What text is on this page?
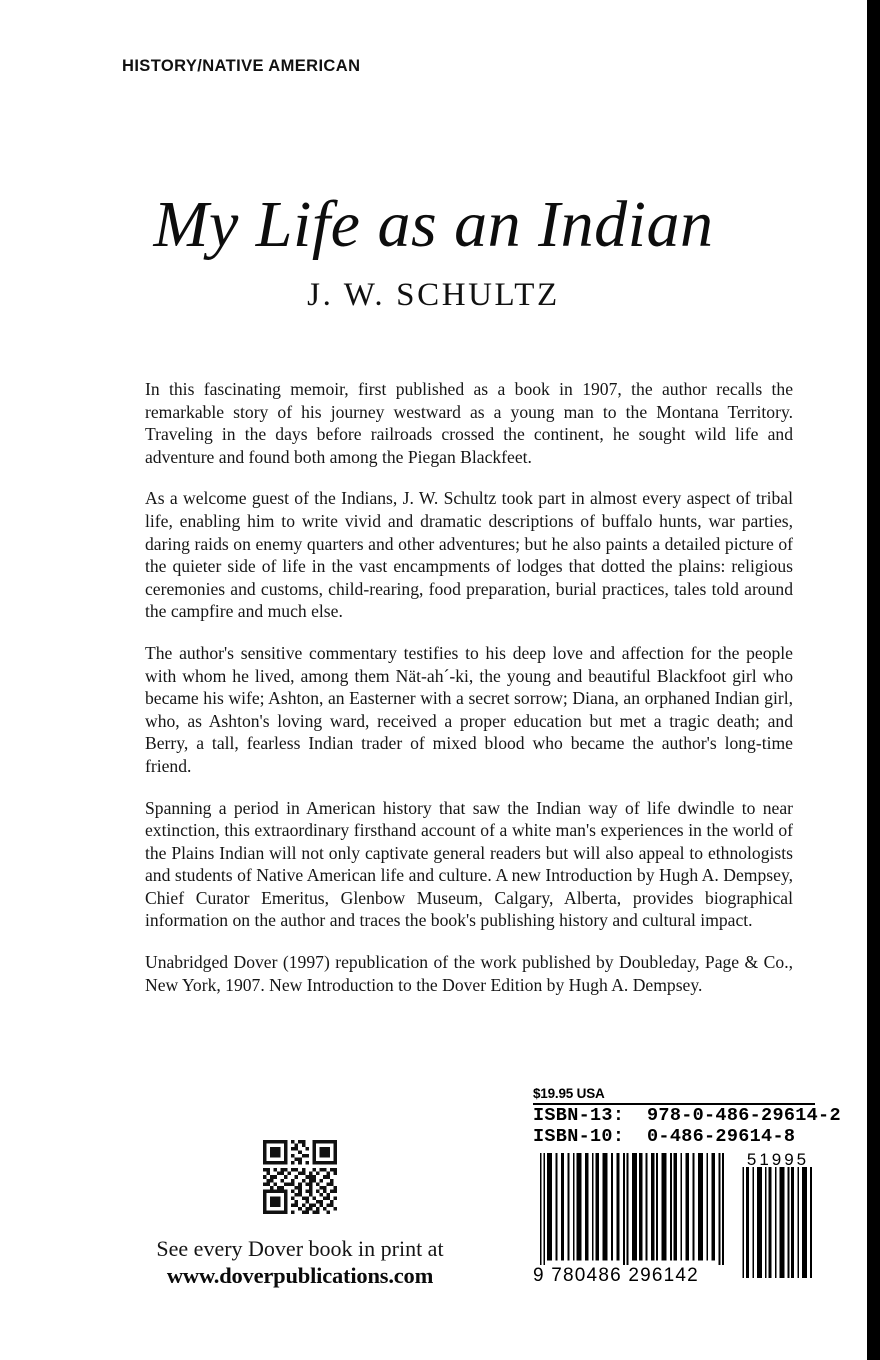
HISTORY/NATIVE AMERICAN
My Life as an Indian
J. W. SCHULTZ

In this fascinating memoir, first published as a book in 1907, the author recalls the remarkable story of his journey westward as a young man to the Montana Territory. Traveling in the days before railroads crossed the continent, he sought wild life and adventure and found both among the Piegan Blackfeet.

As a welcome guest of the Indians, J. W. Schultz took part in almost every aspect of tribal life, enabling him to write vivid and dramatic descriptions of buffalo hunts, war parties, daring raids on enemy quarters and other adventures; but he also paints a detailed picture of the quieter side of life in the vast encampments of lodges that dotted the plains: religious ceremonies and customs, child-rearing, food preparation, burial practices, tales told around the campfire and much else.

The author's sensitive commentary testifies to his deep love and affection for the people with whom he lived, among them Nät-ah´-ki, the young and beautiful Blackfoot girl who became his wife; Ashton, an Easterner with a secret sorrow; Diana, an orphaned Indian girl, who, as Ashton's loving ward, received a proper education but met a tragic death; and Berry, a tall, fearless Indian trader of mixed blood who became the author's long-time friend.

Spanning a period in American history that saw the Indian way of life dwindle to near extinction, this extraordinary firsthand account of a white man's experiences in the world of the Plains Indian will not only captivate general readers but will also appeal to ethnologists and students of Native American life and culture. A new Introduction by Hugh A. Dempsey, Chief Curator Emeritus, Glenbow Museum, Calgary, Alberta, provides biographical information on the author and traces the book's publishing history and cultural impact.

Unabridged Dover (1997) republication of the work published by Doubleday, Page & Co., New York, 1907. New Introduction to the Dover Edition by Hugh A. Dempsey.

See every Dover book in print at
www.doverpublications.com
$19.95 USA
ISBN-13:  978-0-486-29614-2
ISBN-10:  0-486-29614-8
9 780486 296142
51995
